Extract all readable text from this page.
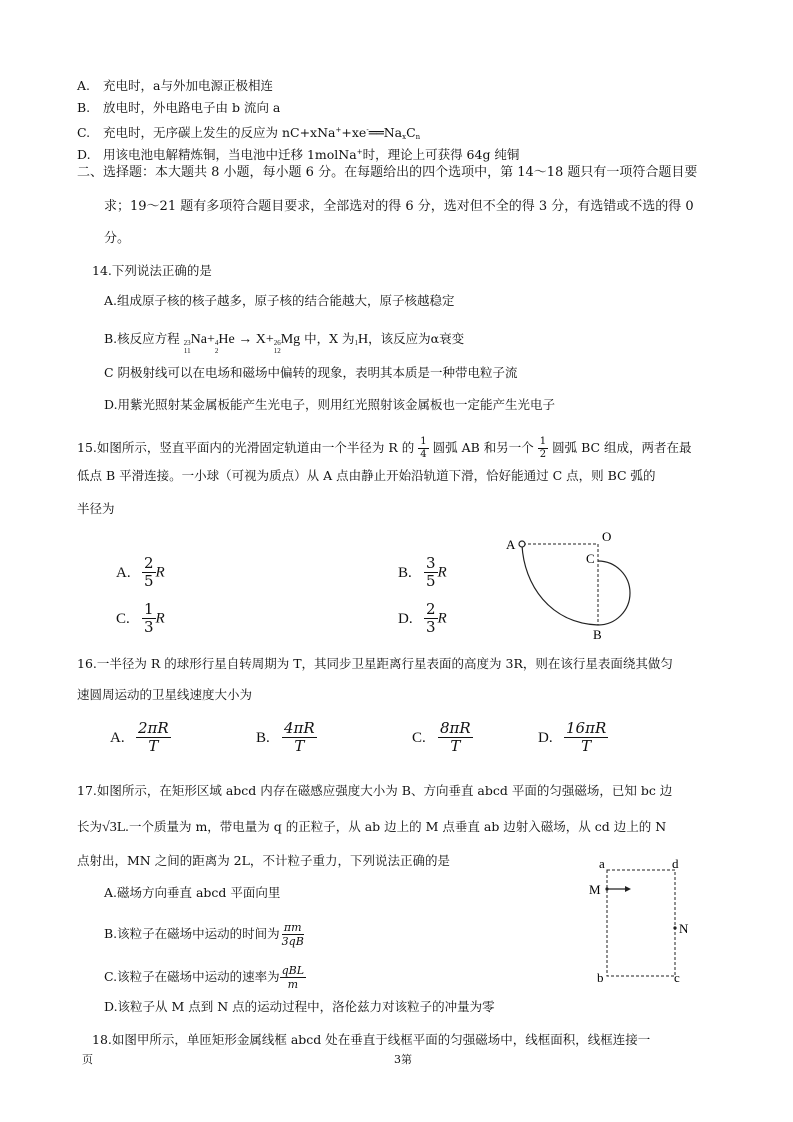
A. 充电时，a与外加电源正极相连
B. 放电时，外电路电子由 b 流向 a
C. 充电时，无序碳上发生的反应为 $nC+xNa^++xe^-══Na_xC_n$
D. 用该电池电解精炼铜，当电池中迁移 1molNa+时，理论上可获得 64g 纯铜
二、选择题：本大题共 8 小题，每小题 6 分。在每题给出的四个选项中，第 14～18 题只有一项符合题目要
求；19～21 题有多项符合题目要求，全部选对的得 6 分，选对但不全的得 3 分，有选错或不选的得 0
分。
14.下列说法正确的是
A.组成原子核的核子越多，原子核的结合能越大，原子核越稳定
B.核反应方程 23
11
Na+ 4
2
He → X+ 26
12
Mg 中，X 为 1 H，该反应为α衰变
C 阴极射线可以在电场和磁场中偏转的现象，表明其本质是一种带电粒子流
D.用紫光照射某金属板能产生光电子，则用红光照射该金属板也一定能产生光电子
15.如图所示，竖直平面内的光滑固定轨道由一个半径为 R 的 $\frac{1}{4}$ 圆弧 AB 和另一个 $\frac{1}{2}$ 圆弧 BC 组成，两者在最
低点 B 平滑连接。一小球（可视为质点）从 A 点由静止开始沿轨道下滑，恰好能通过 C 点，则 BC 弧的
半径为
A. $\frac{2}{5}$ R	B. $\frac{3}{5}$ R
C. $\frac{1}{3}$ R	D. $\frac{2}{3}$ R
A
O
C
B
16.一半径为 R 的球形行星自转周期为 T，其同步卫星距离行星表面的高度为 3R，则在该行星表面绕其做匀
速圆周运动的卫星线速度大小为
A. $\frac{2\pi R}{T}$	B. $\frac{4\pi R}{T}$	C. $\frac{8\pi R}{T}$	D. $\frac{16\pi R}{T}$
17.如图所示，在矩形区域 abcd 内存在磁感应强度大小为 B、方向垂直 abcd 平面的匀强磁场，已知 bc 边
长为√3L.一个质量为 m，带电量为 q 的正粒子，从 ab 边上的 M 点垂直 ab 边射入磁场，从 cd 边上的 N
点射出，MN 之间的距离为 2L，不计粒子重力，下列说法正确的是
A.磁场方向垂直 abcd 平面向里
B.该粒子在磁场中运动的时间为 $\frac{\pi m}{3qB}$
C.该粒子在磁场中运动的速率为 $\frac{\text{qBL}}{m}$
D.该粒子从 M 点到 N 点的运动过程中，洛伦兹力对该粒子的冲量为零
a	d
M
N
b	c
18.如图甲所示，单匝矩形金属线框 abcd 处在垂直于线框平面的匀强磁场中，线框面积，线框连接一
页	3第
